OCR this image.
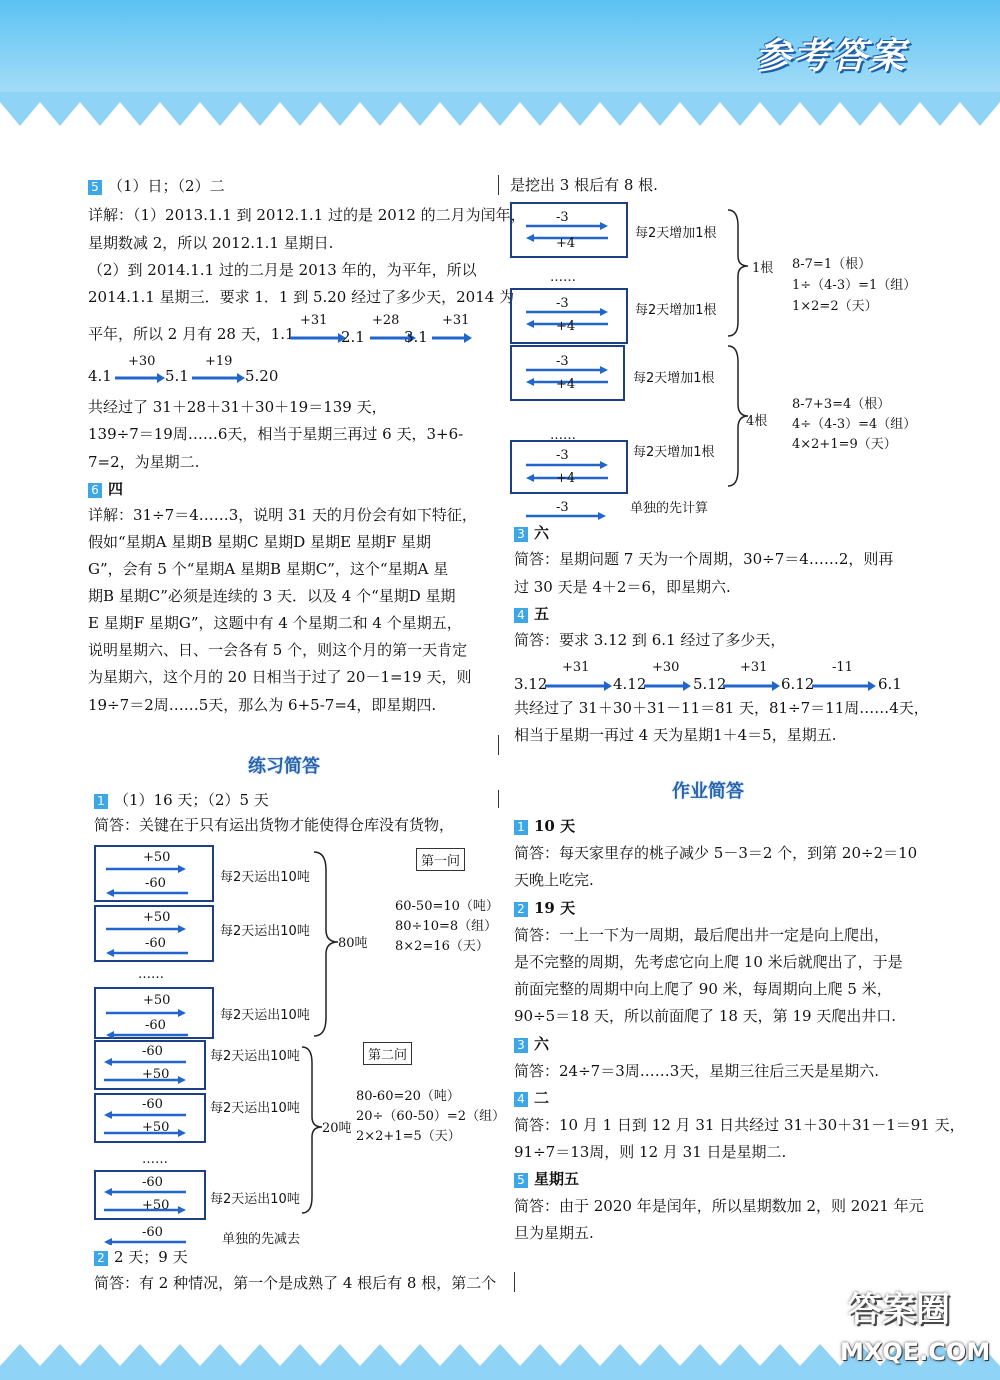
参考答案
答案圈
MXQE.COM
5 （1）日；（2）二
详解：（1）2013.1.1 到 2012.1.1 过的是 2012 的二月为闰年，
星期数减 2，所以 2012.1.1 星期日.
（2）到 2014.1.1 过的二月是 2013 年的，为平年，所以
2014.1.1 星期三．要求 1．1 到 5.20 经过了多少天，2014 为
平年，所以 2 月有 28 天，1.1
+31
2.1
+28
3.1
+31
4.1
+30
5.1
+19
5.20
共经过了 31＋28＋31＋30＋19＝139 天，
139÷7＝19周……6天，相当于星期三再过 6 天，3+6-
7=2，为星期二.
6 四
详解：31÷7＝4……3，说明 31 天的月份会有如下特征，
假如“星期A 星期B 星期C 星期D 星期E 星期F 星期
G”，会有 5 个“星期A 星期B 星期C”，这个“星期A 星
期B 星期C”必须是连续的 3 天．以及 4 个“星期D 星期
E 星期F 星期G”，这题中有 4 个星期二和 4 个星期五，
说明星期六、日、一会各有 5 个，则这个月的第一天肯定
为星期六，这个月的 20 日相当于过了 20－1=19 天，则
19÷7＝2周……5天，那么为 6+5-7=4，即星期四.
练习简答
1 （1）16 天；（2）5 天
简答：关键在于只有运出货物才能使得仓库没有货物，
+50
-60
+50
-60
……
+50
-60
每2天运出10吨
每2天运出10吨
每2天运出10吨
80吨
第一问
60-50=10（吨）
80÷10=8（组）
8×2=16（天）
-60
+50
-60
+50
……
-60
+50
-60
每2天运出10吨
每2天运出10吨
每2天运出10吨
单独的先减去
20吨
第二问
80-60=20（吨）
20÷（60-50）=2（组）
2×2+1=5（天）
2 2 天；9 天
简答：有 2 种情况，第一个是成熟了 4 根后有 8 根，第二个
是挖出 3 根后有 8 根.
-3
+4
……
-3
+4
-3
+4
……
-3
+4
-3
每2天增加1根
每2天增加1根
每2天增加1根
每2天增加1根
单独的先计算
1根
4根
8-7=1（根）
1÷（4-3）=1（组）
1×2=2（天）
8-7+3=4（根）
4÷（4-3）=4（组）
4×2+1=9（天）
3 六
简答：星期问题 7 天为一个周期，30÷7＝4……2，则再
过 30 天是 4＋2＝6，即星期六.
4 五
简答：要求 3.12 到 6.1 经过了多少天，
3.12
+31
4.12
+30
5.12
+31
6.12
-11
6.1
共经过了 31＋30＋31－11＝81 天，81÷7＝11周……4天，
相当于星期一再过 4 天为星期1＋4＝5，星期五.
作业简答
1 10 天
简答：每天家里存的桃子减少 5－3＝2 个，到第 20÷2＝10
天晚上吃完.
2 19 天
简答：一上一下为一周期，最后爬出井一定是向上爬出，
是不完整的周期，先考虑它向上爬 10 米后就爬出了，于是
前面完整的周期中向上爬了 90 米，每周期向上爬 5 米，
90÷5＝18 天，所以前面爬了 18 天，第 19 天爬出井口.
3 六
简答：24÷7＝3周……3天，星期三往后三天是星期六.
4 二
简答：10 月 1 日到 12 月 31 日共经过 31＋30＋31－1＝91 天，
91÷7＝13周，则 12 月 31 日是星期二.
5 星期五
简答：由于 2020 年是闰年，所以星期数加 2，则 2021 年元
旦为星期五.
